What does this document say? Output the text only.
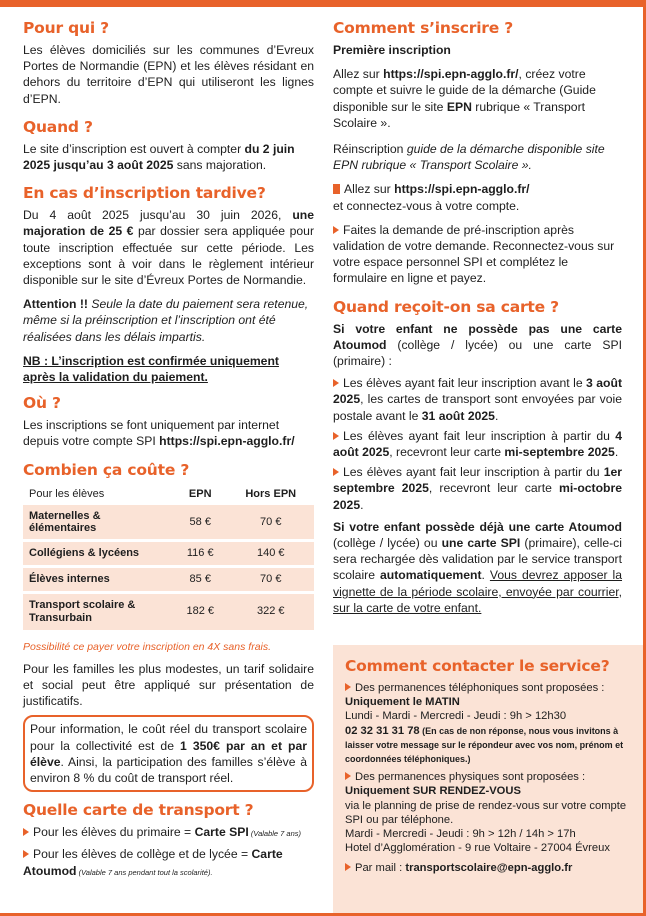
Pour qui ?

Les élèves domiciliés sur les communes d’Evreux Portes de Normandie (EPN) et les élèves résidant en dehors du territoire d’EPN qui utiliseront les lignes d’EPN.

Quand ?

Le site d’inscription est ouvert à compter du 2 juin 2025 jusqu’au 3 août 2025 sans majoration.

En cas d’inscription tardive?

Du 4 août 2025 jusqu’au 30 juin 2026, une majoration de 25 € par dossier sera appliquée pour toute inscription effectuée sur cette période. Les exceptions sont à voir dans le règlement intérieur disponible sur le site d’Évreux Portes de Normandie.

Attention !! Seule la date du paiement sera retenue, même si la préinscription et l’inscription ont été réalisées dans les délais impartis.

NB : L’inscription est confirmée uniquement après la validation du paiement.

Où ?

Les inscriptions se font uniquement par internet depuis votre compte SPI https://spi.epn-agglo.fr/

Combien ça coûte ?
Pour les élèves	EPN	Hors EPN
Maternelles & élémentaires	58 €	70 €
Collégiens & lycéens	116 €	140 €
Élèves internes	85 €	70 €
Transport scolaire & Transurbain	182 €	322 €

Possibilité ce payer votre inscription en 4X sans frais.

Pour les familles les plus modestes, un tarif solidaire et social peut être appliqué sur présentation de justificatifs.

Pour information, le coût réel du transport scolaire pour la collectivité est de 1 350€ par an et par élève. Ainsi, la participation des familles s’élève à environ 8 % du coût de transport réel.

Quelle carte de transport ?

Pour les élèves du primaire = Carte SPI (Valable 7 ans)

Pour les élèves de collège et de lycée = Carte Atoumod (Valable 7 ans pendant tout la scolarité).

Comment s’inscrire ?

Première inscription

Allez sur https://spi.epn-agglo.fr/, créez votre compte et suivre le guide de la démarche (Guide disponible sur le site EPN rubrique « Transport Scolaire ».

Réinscription guide de la démarche disponible site EPN rubrique « Transport Scolaire ».

Allez sur https://spi.epn-agglo.fr/
et connectez-vous à votre compte.

Faites la demande de pré-inscription après validation de votre demande. Reconnectez-vous sur votre espace personnel SPI et complétez le formulaire en ligne et payez.

Quand reçoit-on sa carte ?

Si votre enfant ne possède pas une carte Atoumod (collège / lycée) ou une carte SPI (primaire) :

Les élèves ayant fait leur inscription avant le 3 août 2025, les cartes de transport sont envoyées par voie postale avant le 31 août 2025.

Les élèves ayant fait leur inscription à partir du 4 août 2025, recevront leur carte mi-septembre 2025.

Les élèves ayant fait leur inscription à partir du 1er septembre 2025, recevront leur carte mi-octobre 2025.

Si votre enfant possède déjà une carte Atoumod (collège / lycée) ou une carte SPI (primaire), celle-ci sera rechargée dès validation par le service transport scolaire automatiquement. Vous devrez apposer la vignette de la période scolaire, envoyée par courrier, sur la carte de votre enfant.

Comment contacter le service?

Des permanences téléphoniques sont proposées :

Uniquement le MATIN

Lundi - Mardi - Mercredi - Jeudi : 9h > 12h30

02 32 31 31 78 (En cas de non réponse, nous vous invitons à laisser votre message sur le répondeur avec vos nom, prénom et coordonnées téléphoniques.)

Des permanences physiques sont proposées :

Uniquement SUR RENDEZ-VOUS

via le planning de prise de rendez-vous sur votre compte SPI ou par téléphone.

Mardi - Mercredi - Jeudi : 9h > 12h / 14h > 17h

Hotel d’Agglomération - 9 rue Voltaire - 27004 Évreux

Par mail : transportscolaire@epn-agglo.fr
